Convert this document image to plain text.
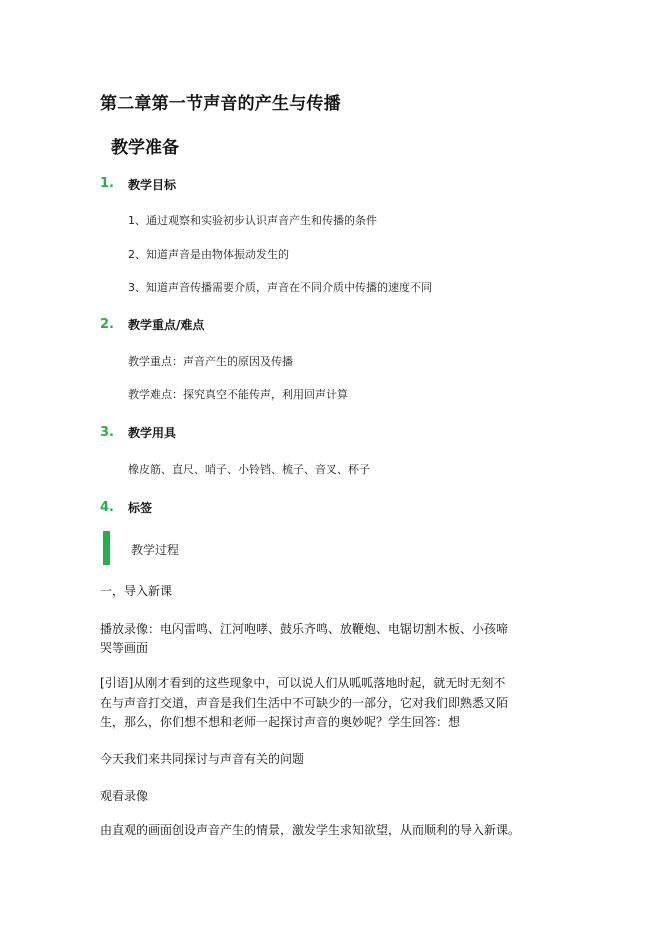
第二章第一节声音的产生与传播
教学准备
1. 教学目标
1、通过观察和实验初步认识声音产生和传播的条件
2、知道声音是由物体振动发生的
3、知道声音传播需要介质，声音在不同介质中传播的速度不同
2. 教学重点/难点
教学重点：声音产生的原因及传播
教学难点：探究真空不能传声，利用回声计算
3. 教学用具
橡皮筋、直尺、哨子、小铃铛、梳子、音叉、杯子
4. 标签
教学过程
一，导入新课
播放录像：电闪雷鸣、江河咆哮、鼓乐齐鸣、放鞭炮、电锯切割木板、小孩啼
哭等画面
[引语]从刚才看到的这些现象中，可以说人们从呱呱落地时起，就无时无刻不
在与声音打交道，声音是我们生活中不可缺少的一部分，它对我们即熟悉又陌
生，那么，你们想不想和老师一起探讨声音的奥妙呢？学生回答：想
今天我们来共同探讨与声音有关的问题
观看录像
由直观的画面创设声音产生的情景，激发学生求知欲望，从而顺利的导入新课。
